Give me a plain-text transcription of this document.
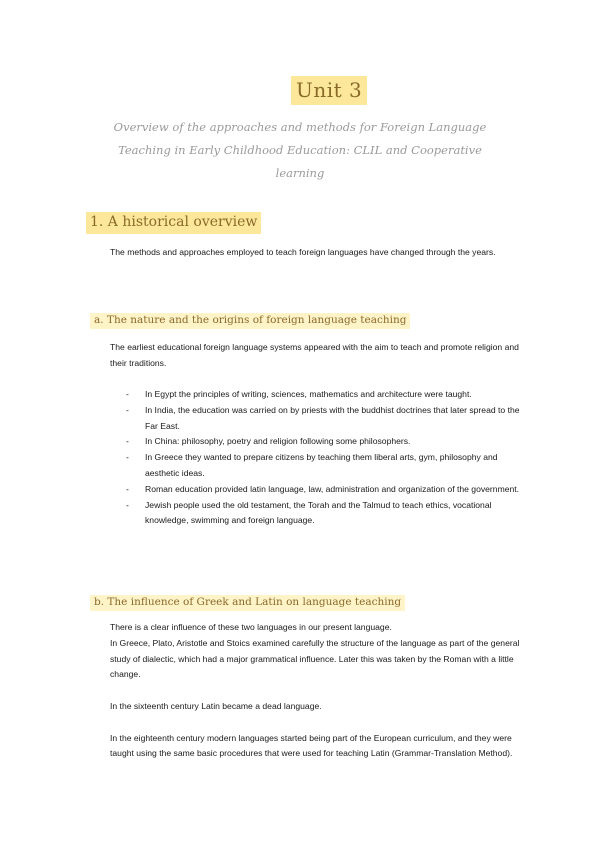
Unit 3
Overview of the approaches and methods for Foreign Language Teaching in Early Childhood Education: CLIL and Cooperative learning
1. A historical overview

The methods and approaches employed to teach foreign languages have changed through the years.

a. The nature and the origins of foreign language teaching

The earliest educational foreign language systems appeared with the aim to teach and promote religion and their traditions.

- In Egypt the principles of writing, sciences, mathematics and architecture were taught.
- In India, the education was carried on by priests with the buddhist doctrines that later spread to the Far East.
- In China: philosophy, poetry and religion following some philosophers.
- In Greece they wanted to prepare citizens by teaching them liberal arts, gym, philosophy and aesthetic ideas.
- Roman education provided latin language, law, administration and organization of the government.
- Jewish people used the old testament, the Torah and the Talmud to teach ethics, vocational knowledge, swimming and foreign language.
b. The influence of Greek and Latin on language teaching

There is a clear influence of these two languages in our present language.

In Greece, Plato, Aristotle and Stoics examined carefully the structure of the language as part of the general study of dialectic, which had a major grammatical influence. Later this was taken by the Roman with a little change.

In the sixteenth century Latin became a dead language.

In the eighteenth century modern languages started being part of the European curriculum, and they were taught using the same basic procedures that were used for teaching Latin (Grammar-Translation Method).
